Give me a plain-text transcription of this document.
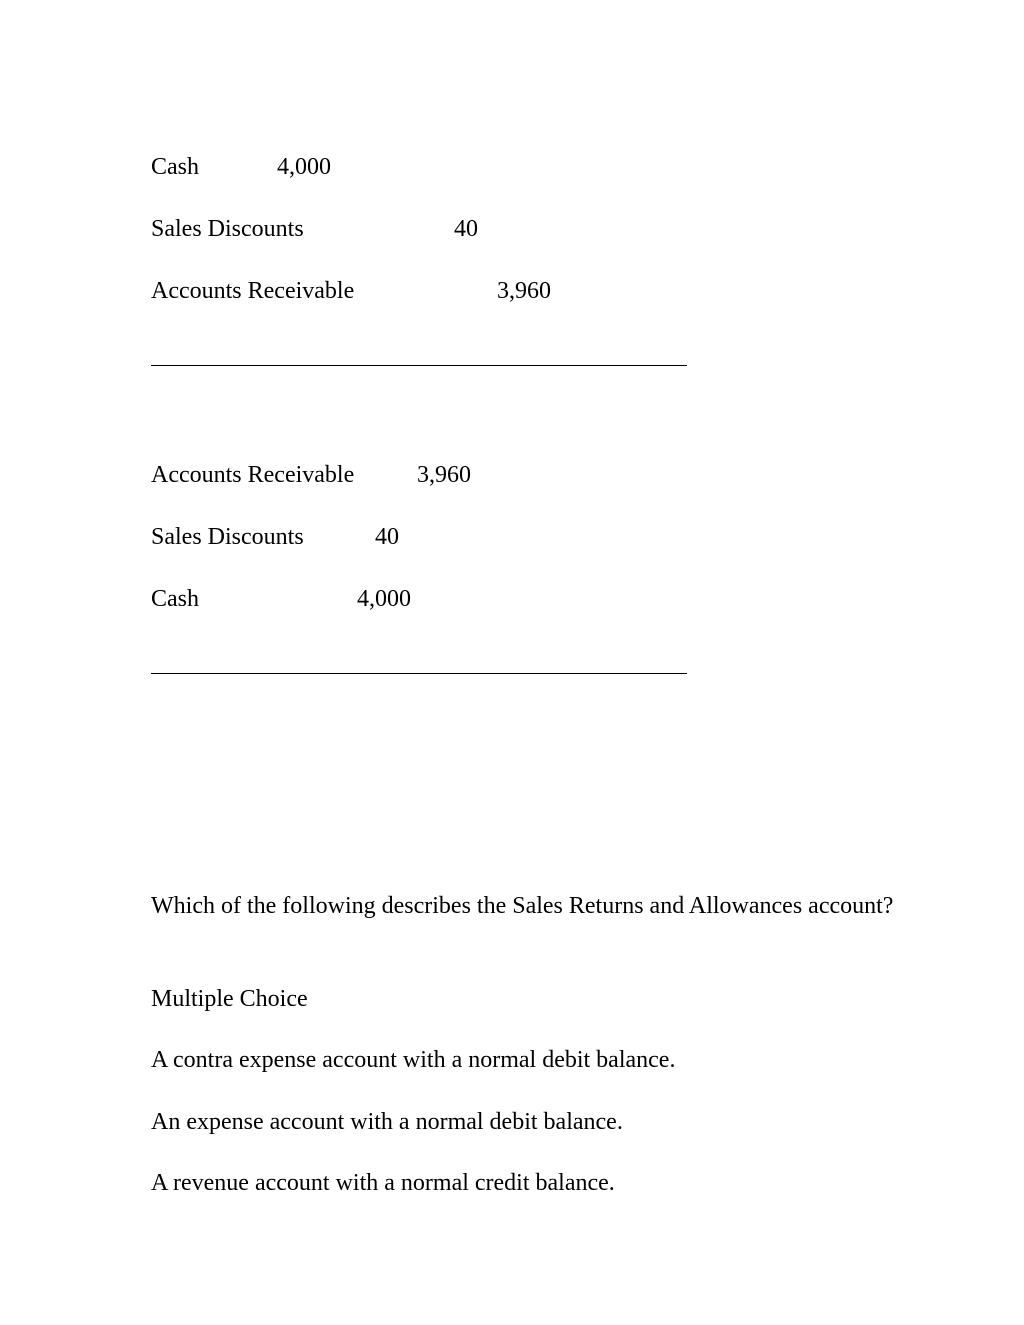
Cash	4,000
Sales Discounts	40
Accounts Receivable	3,960
Accounts Receivable	3,960
Sales Discounts	40
Cash	4,000
Which of the following describes the Sales Returns and Allowances account?
Multiple Choice
A contra expense account with a normal debit balance.
An expense account with a normal debit balance.
A revenue account with a normal credit balance.
